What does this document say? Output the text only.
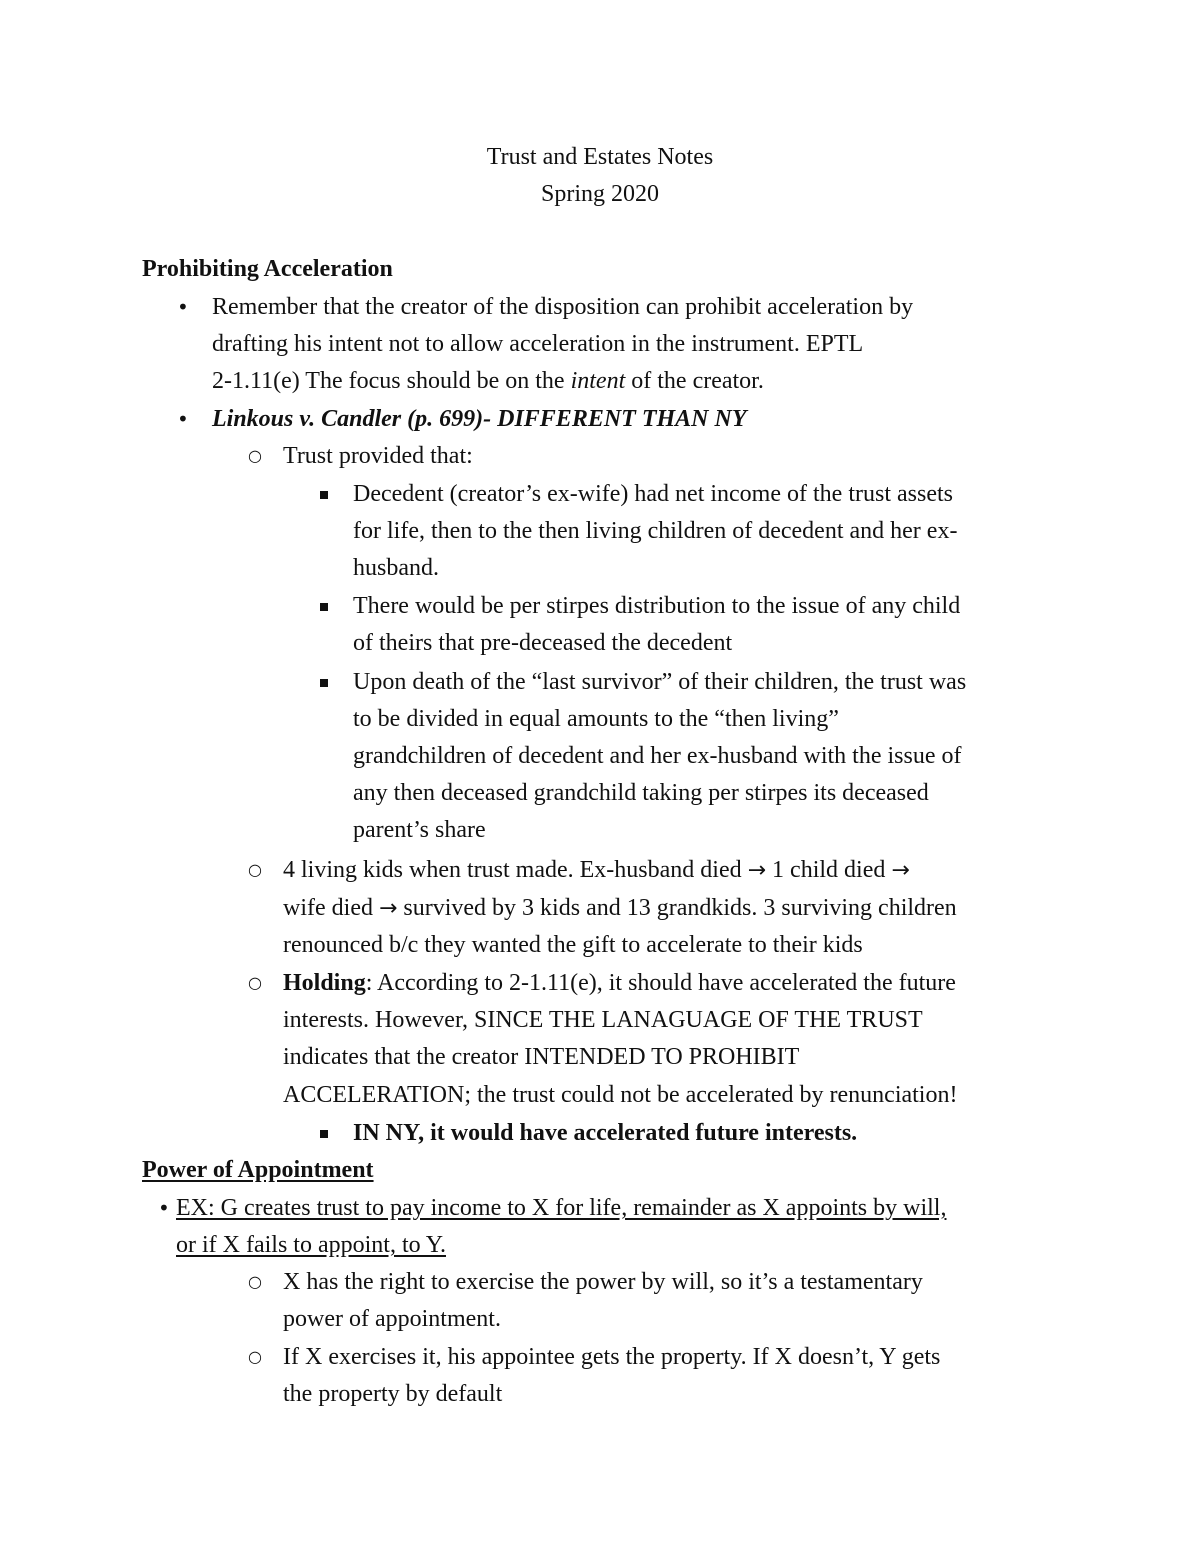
Trust and Estates Notes
Spring 2020
Prohibiting Acceleration
• Remember that the creator of the disposition can prohibit acceleration by
drafting his intent not to allow acceleration in the instrument. EPTL
2-1.11(e) The focus should be on the intent of the creator.
• Linkous v. Candler (p. 699)- DIFFERENT THAN NY
○ Trust provided that:
Decedent (creator’s ex-wife) had net income of the trust assets
for life, then to the then living children of decedent and her ex-
husband.
There would be per stirpes distribution to the issue of any child
of theirs that pre-deceased the decedent
Upon death of the “last survivor” of their children, the trust was
to be divided in equal amounts to the “then living”
grandchildren of decedent and her ex-husband with the issue of
any then deceased grandchild taking per stirpes its deceased
parent’s share
○ 4 living kids when trust made. Ex-husband died → 1 child died →
wife died → survived by 3 kids and 13 grandkids. 3 surviving children
renounced b/c they wanted the gift to accelerate to their kids
○ Holding: According to 2-1.11(e), it should have accelerated the future
interests. However, SINCE THE LANAGUAGE OF THE TRUST
indicates that the creator INTENDED TO PROHIBIT
ACCELERATION; the trust could not be accelerated by renunciation!
IN NY, it would have accelerated future interests.
Power of Appointment
• EX: G creates trust to pay income to X for life, remainder as X appoints by will,
or if X fails to appoint, to Y.
○ X has the right to exercise the power by will, so it’s a testamentary
power of appointment.
○ If X exercises it, his appointee gets the property. If X doesn’t, Y gets
the property by default
